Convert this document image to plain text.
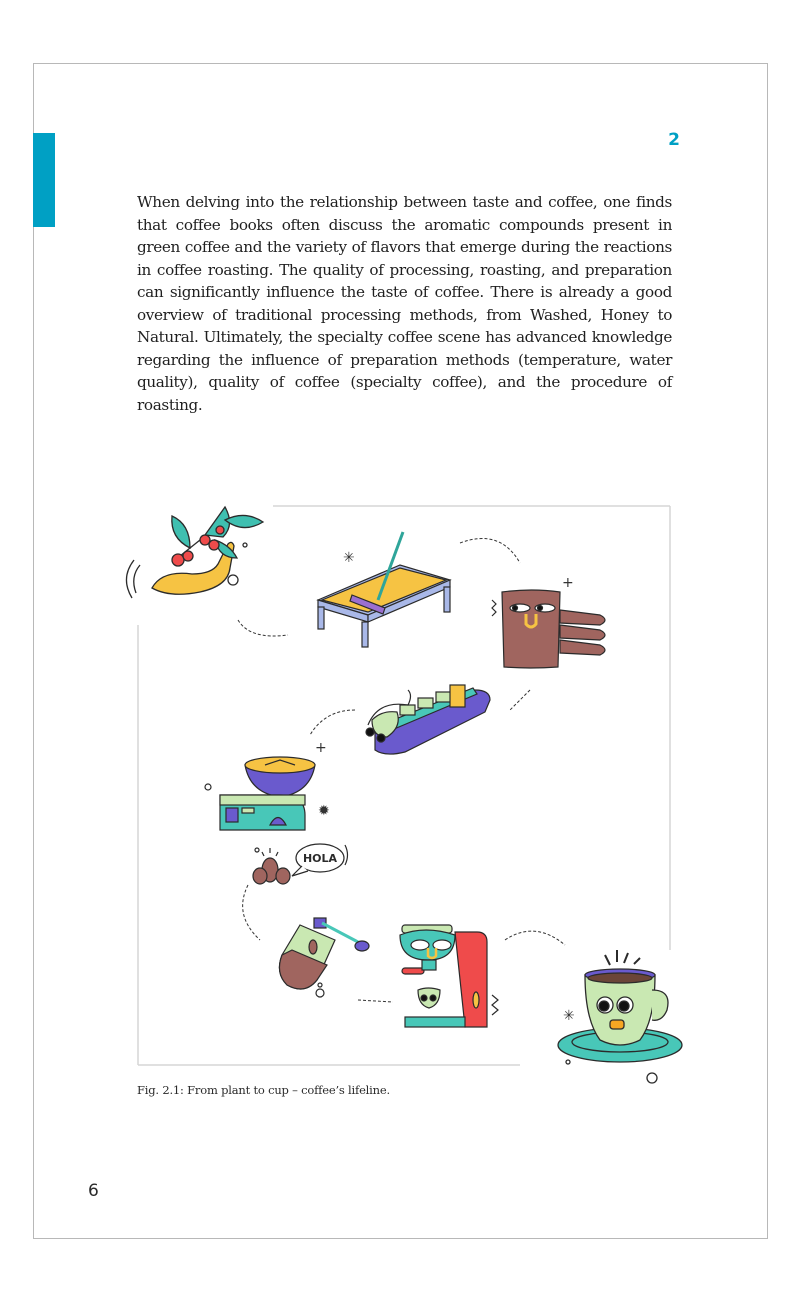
2
When delving into the relationship between taste and coffee, one finds that coffee books often discuss the aromatic compounds present in green coffee and the variety of flavors that emerge during the reactions in coffee roasting. The quality of processing, roasting, and preparation can significantly influence the taste of coffee. There is already a good overview of traditional processing methods, from Washed, Honey to Natural. Ultimately, the specialty coffee scene has advanced knowledge regarding the influence of preparation methods (temperature, water quality), quality of coffee (specialty coffee), and the procedure of roasting.
✳
+
+
✹
HOLA
✳
Fig. 2.1: From plant to cup – coffee’s lifeline.
6
